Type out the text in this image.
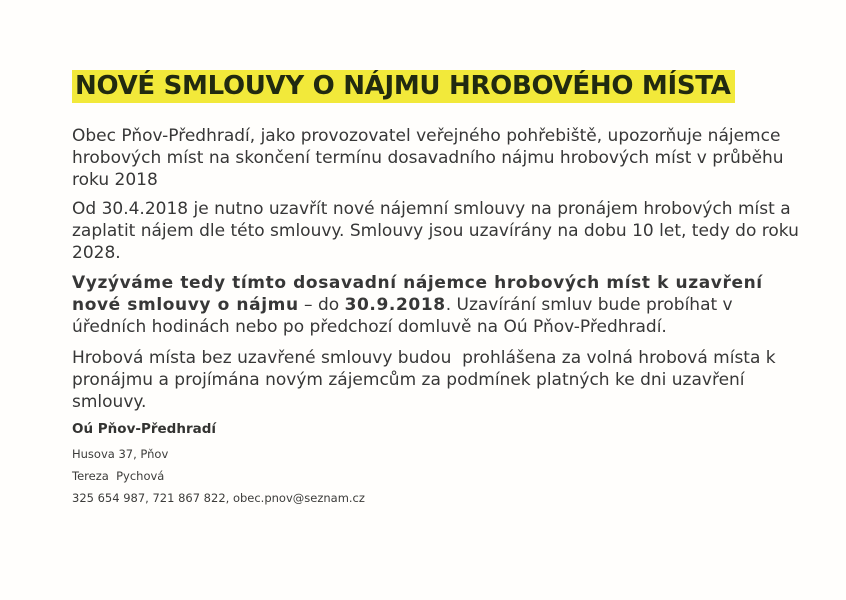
NOVÉ SMLOUVY O NÁJMU HROBOVÉHO MÍSTA
Obec Pňov-Předhradí, jako provozovatel veřejného pohřebiště, upozorňuje nájemce
hrobových míst na skončení termínu dosavadního nájmu hrobových míst v průběhu
roku 2018
Od 30.4.2018 je nutno uzavřít nové nájemní smlouvy na pronájem hrobových míst a
zaplatit nájem dle této smlouvy. Smlouvy jsou uzavírány na dobu 10 let, tedy do roku
2028.
Vyzýváme tedy tímto dosavadní nájemce hrobových míst k uzavření
nové smlouvy o nájmu – do 30.9.2018. Uzavírání smluv bude probíhat v
úředních hodinách nebo po předchozí domluvě na Oú Pňov-Předhradí.
Hrobová místa bez uzavřené smlouvy budou  prohlášena za volná hrobová místa k
pronájmu a projímána novým zájemcům za podmínek platných ke dni uzavření
smlouvy.
Oú Pňov-Předhradí
Husova 37, Pňov
Tereza  Pychová
325 654 987, 721 867 822, obec.pnov@seznam.cz
